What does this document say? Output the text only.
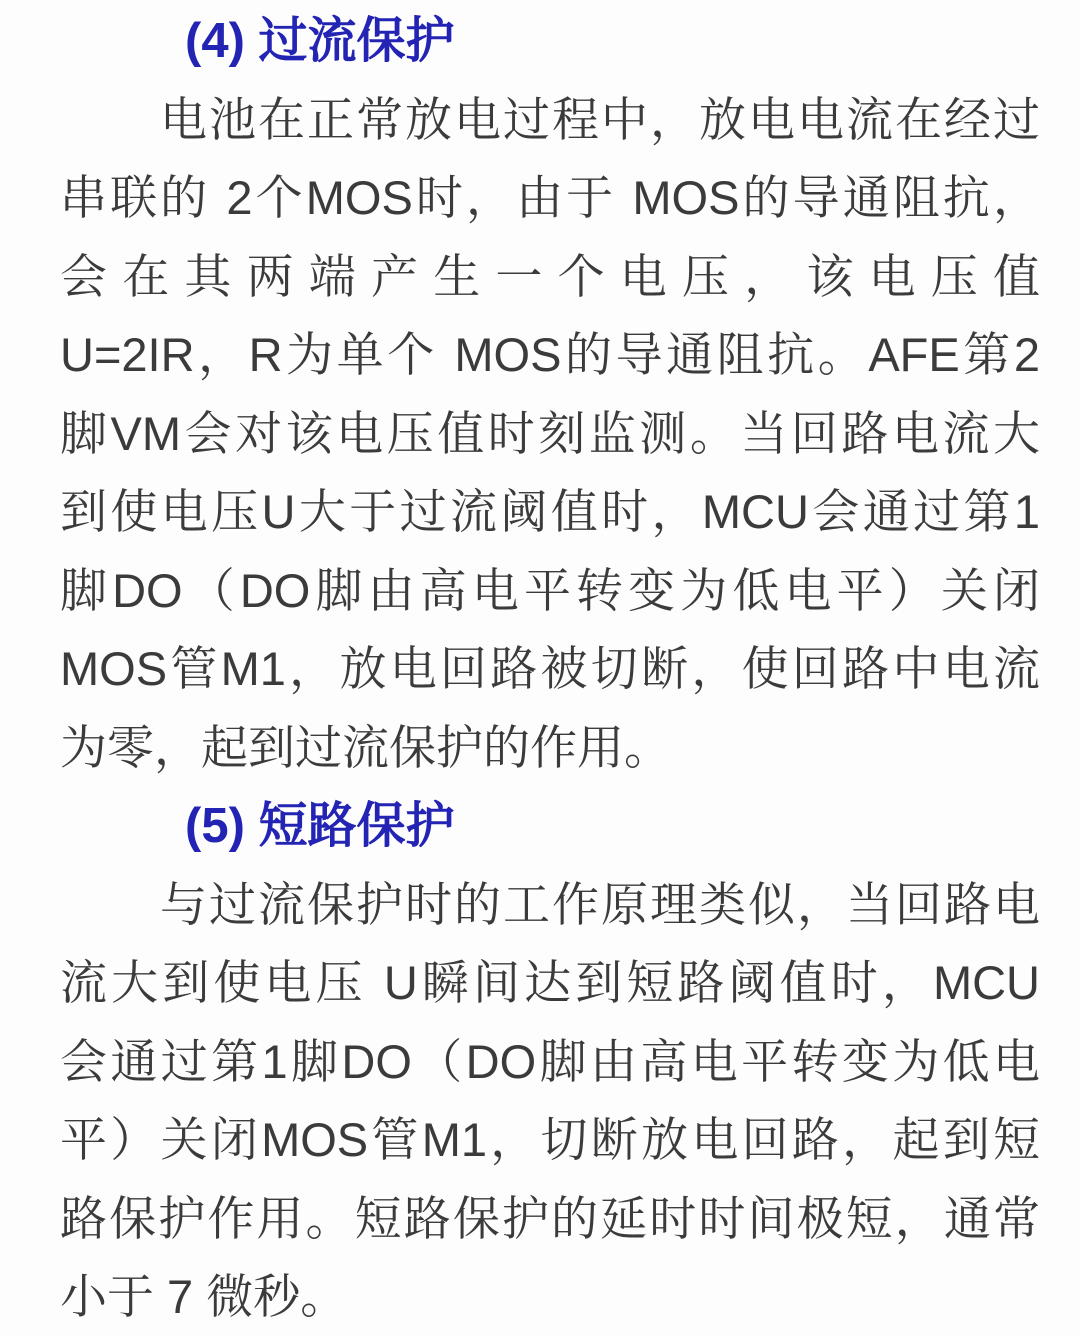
(4) 过流保护
电池在正常放电过程中，放电电流在经过
串联的 2个MOS时，由于 MOS的导通阻抗，
会在其两端产生一个电压，该电压值
U=2IR，R为单个 MOS的导通阻抗。AFE第2
脚VM会对该电压值时刻监测。当回路电流大
到使电压U大于过流阈值时，MCU会通过第1
脚DO（DO脚由高电平转变为低电平）关闭
MOS管M1，放电回路被切断，使回路中电流
为零，起到过流保护的作用。
(5) 短路保护
与过流保护时的工作原理类似，当回路电
流大到使电压 U瞬间达到短路阈值时，MCU
会通过第1脚DO（DO脚由高电平转变为低电
平）关闭MOS管M1，切断放电回路，起到短
路保护作用。短路保护的延时时间极短，通常
小于 7 微秒。
